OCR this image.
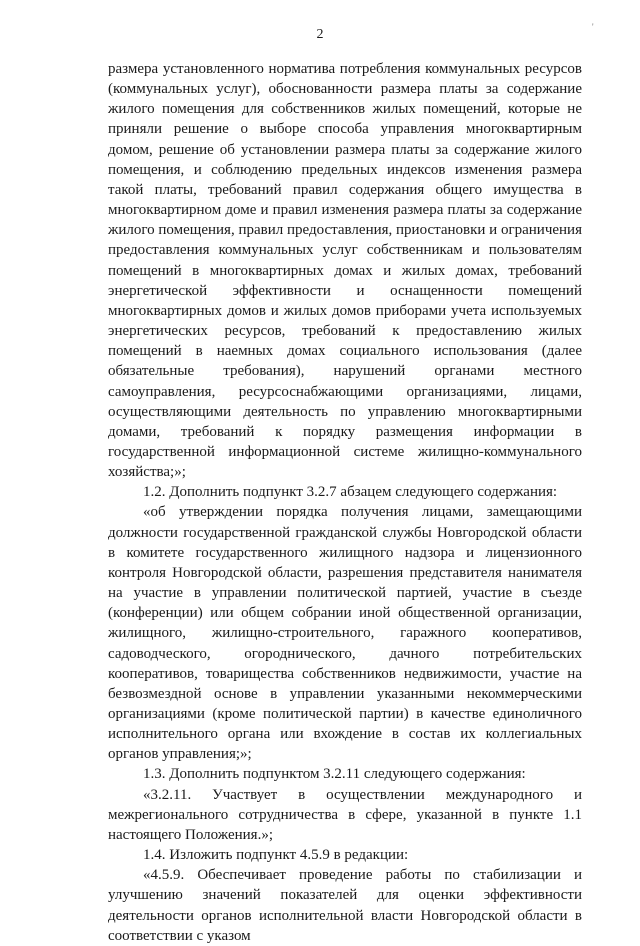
2	'

размера установленного норматива потребления коммунальных ресурсов (коммунальных услуг), обоснованности размера платы за содержание жилого помещения для собственников жилых помещений, которые не приняли решение о выборе способа управления многоквартирным домом, решение об установлении размера платы за содержание жилого помещения, и соблюдению предельных индексов изменения размера такой платы, требований правил содержания общего имущества в многоквартирном доме и правил изменения размера платы за содержание жилого помещения, правил предоставления, приостановки и ограничения предоставления коммунальных услуг собственникам и пользователям помещений в многоквартирных домах и жилых домах, требований энергетической эффективности и оснащенности помещений многоквартирных домов и жилых домов приборами учета используемых энергетических ресурсов, требований к предоставлению жилых помещений в наемных домах социального использования (далее обязательные требования), нарушений органами местного самоуправления, ресурсоснабжающими организациями, лицами, осуществляющими деятельность по управлению многоквартирными домами, требований к порядку размещения информации в государственной информационной системе жилищно-коммунального хозяйства;»;

1.2. Дополнить подпункт 3.2.7 абзацем следующего содержания:

«об утверждении порядка получения лицами, замещающими должности государственной гражданской службы Новгородской области в комитете государственного жилищного надзора и лицензионного контроля Новгородской области, разрешения представителя нанимателя на участие в управлении политической партией, участие в съезде (конференции) или общем собрании иной общественной организации, жилищного, жилищно-строительного, гаражного кооперативов, садоводческого, огороднического, дачного потребительских кооперативов, товарищества собственников недвижимости, участие на безвозмездной основе в управлении указанными некоммерческими организациями (кроме политической партии) в качестве единоличного исполнительного органа или вхождение в состав их коллегиальных органов управления;»;

1.3. Дополнить подпунктом 3.2.11 следующего содержания:

«3.2.11. Участвует в осуществлении международного и межрегионального сотрудничества в сфере, указанной в пункте 1.1 настоящего Положения.»;

1.4. Изложить подпункт 4.5.9 в редакции:

«4.5.9. Обеспечивает проведение работы по стабилизации и улучшению значений показателей для оценки эффективности деятельности органов исполнительной власти Новгородской области в соответствии с указом
